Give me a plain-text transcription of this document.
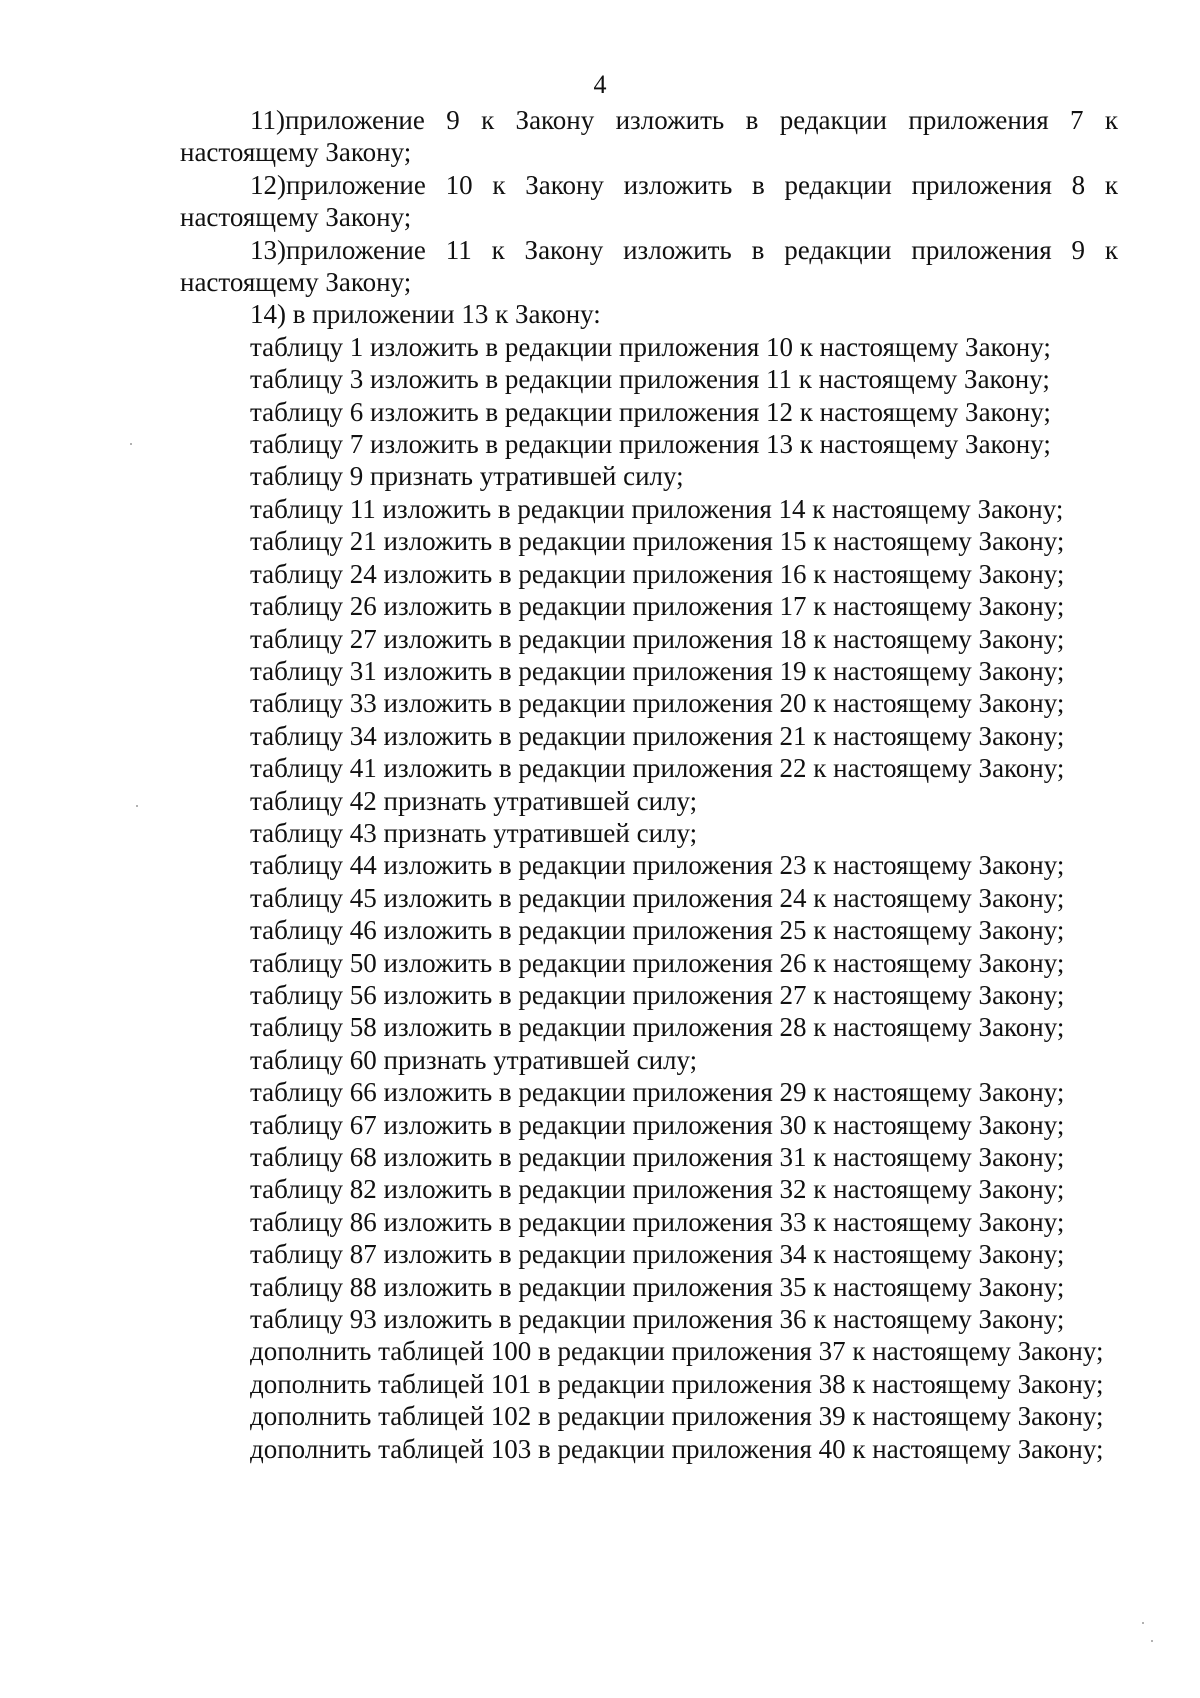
4

11)приложение 9 к Закону изложить в редакции приложения 7 к настоящему Закону;

12)приложение 10 к Закону изложить в редакции приложения 8 к настоящему Закону;

13)приложение 11 к Закону изложить в редакции приложения 9 к настоящему Закону;

14) в приложении 13 к Закону:

таблицу 1 изложить в редакции приложения 10 к настоящему Закону;

таблицу 3 изложить в редакции приложения 11 к настоящему Закону;

таблицу 6 изложить в редакции приложения 12 к настоящему Закону;

таблицу 7 изложить в редакции приложения 13 к настоящему Закону;

таблицу 9 признать утратившей силу;

таблицу 11 изложить в редакции приложения 14 к настоящему Закону;

таблицу 21 изложить в редакции приложения 15 к настоящему Закону;

таблицу 24 изложить в редакции приложения 16 к настоящему Закону;

таблицу 26 изложить в редакции приложения 17 к настоящему Закону;

таблицу 27 изложить в редакции приложения 18 к настоящему Закону;

таблицу 31 изложить в редакции приложения 19 к настоящему Закону;

таблицу 33 изложить в редакции приложения 20 к настоящему Закону;

таблицу 34 изложить в редакции приложения 21 к настоящему Закону;

таблицу 41 изложить в редакции приложения 22 к настоящему Закону;

таблицу 42 признать утратившей силу;

таблицу 43 признать утратившей силу;

таблицу 44 изложить в редакции приложения 23 к настоящему Закону;

таблицу 45 изложить в редакции приложения 24 к настоящему Закону;

таблицу 46 изложить в редакции приложения 25 к настоящему Закону;

таблицу 50 изложить в редакции приложения 26 к настоящему Закону;

таблицу 56 изложить в редакции приложения 27 к настоящему Закону;

таблицу 58 изложить в редакции приложения 28 к настоящему Закону;

таблицу 60 признать утратившей силу;

таблицу 66 изложить в редакции приложения 29 к настоящему Закону;

таблицу 67 изложить в редакции приложения 30 к настоящему Закону;

таблицу 68 изложить в редакции приложения 31 к настоящему Закону;

таблицу 82 изложить в редакции приложения 32 к настоящему Закону;

таблицу 86 изложить в редакции приложения 33 к настоящему Закону;

таблицу 87 изложить в редакции приложения 34 к настоящему Закону;

таблицу 88 изложить в редакции приложения 35 к настоящему Закону;

таблицу 93 изложить в редакции приложения 36 к настоящему Закону;

дополнить таблицей 100 в редакции приложения 37 к настоящему Закону;

дополнить таблицей 101 в редакции приложения 38 к настоящему Закону;

дополнить таблицей 102 в редакции приложения 39 к настоящему Закону;

дополнить таблицей 103 в редакции приложения 40 к настоящему Закону;
